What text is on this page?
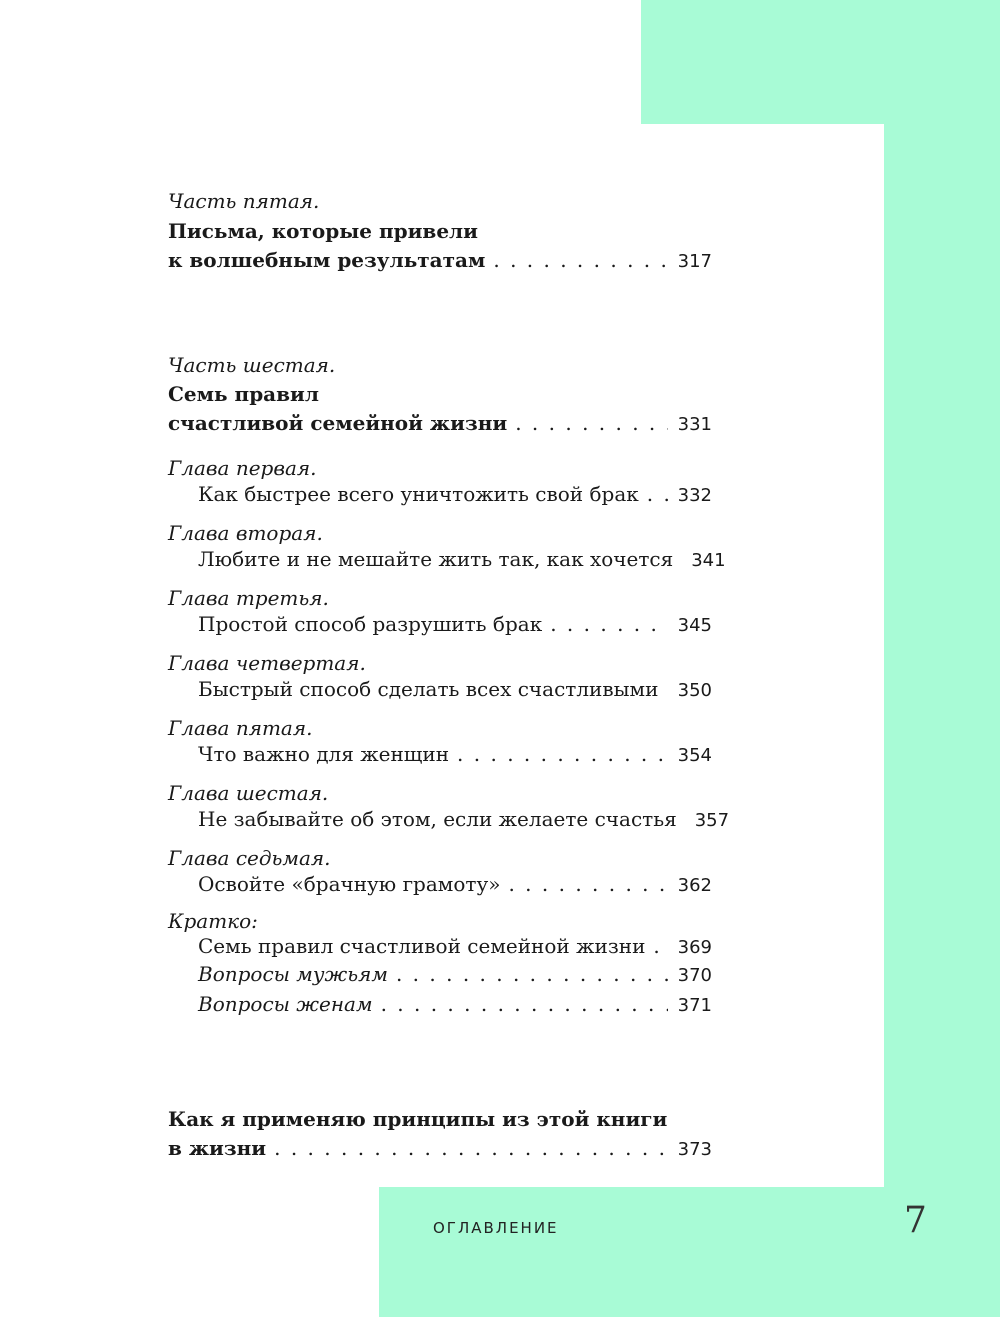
Часть пятая.
Письма, которые привели
к волшебным результатам . . .	317
Часть шестая.
Семь правил
счастливой семейной жизни . . .	331
Глава первая.
Как быстрее всего уничтожить свой брак . . . 332
Глава вторая.
Любите и не мешайте жить так, как хочется 341
Глава третья.
Простой способ разрушить брак . . .	345
Глава четвертая.
Быстрый способ сделать всех счастливыми . . . 350
Глава пятая.
Что важно для женщин . . .	354
Глава шестая.
Не забывайте об этом, если желаете счастья 357
Глава седьмая.
Освойте «брачную грамоту» . . .	362
Кратко:
Семь правил счастливой семейной жизни . . . 369
Вопросы мужьям . . .	370
Вопросы женам . . .	371
Как я применяю принципы из этой книги
в жизни . . .	373
ОГЛАВЛЕНИЕ	7
